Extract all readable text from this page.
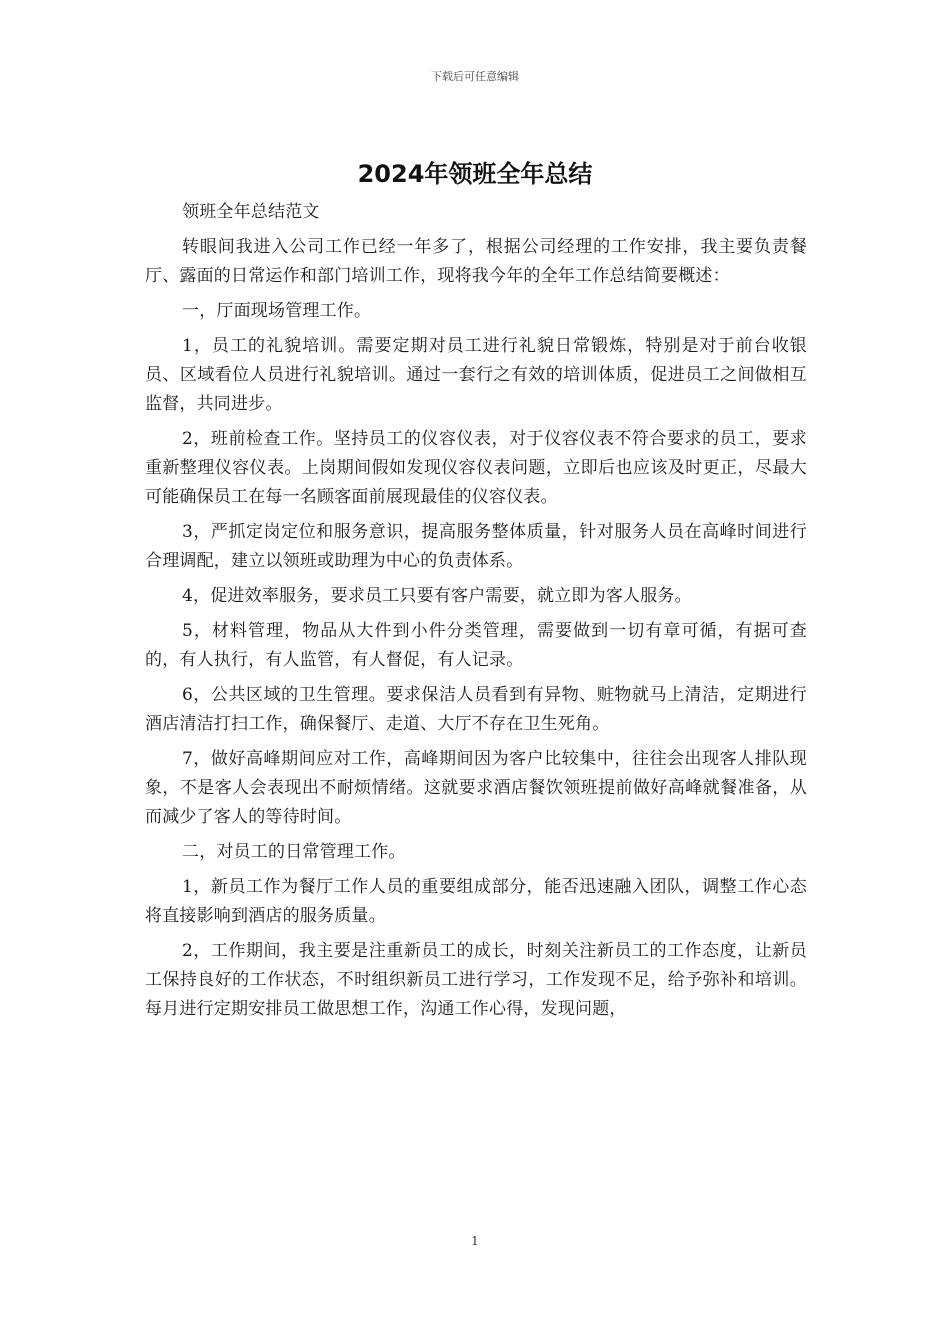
下载后可任意编辑
2024年领班全年总结

领班全年总结范文

转眼间我进入公司工作已经一年多了，根据公司经理的工作安排，我主要负责餐厅、露面的日常运作和部门培训工作，现将我今年的全年工作总结简要概述：

一，厅面现场管理工作。

1，员工的礼貌培训。需要定期对员工进行礼貌日常锻炼，特别是对于前台收银员、区域看位人员进行礼貌培训。通过一套行之有效的培训体质，促进员工之间做相互监督，共同进步。

2，班前检查工作。坚持员工的仪容仪表，对于仪容仪表不符合要求的员工，要求重新整理仪容仪表。上岗期间假如发现仪容仪表问题，立即后也应该及时更正，尽最大可能确保员工在每一名顾客面前展现最佳的仪容仪表。

3，严抓定岗定位和服务意识，提高服务整体质量，针对服务人员在高峰时间进行合理调配，建立以领班或助理为中心的负责体系。

4，促进效率服务，要求员工只要有客户需要，就立即为客人服务。

5，材料管理，物品从大件到小件分类管理，需要做到一切有章可循，有据可查的，有人执行，有人监管，有人督促，有人记录。

6，公共区域的卫生管理。要求保洁人员看到有异物、赃物就马上清洁，定期进行酒店清洁打扫工作，确保餐厅、走道、大厅不存在卫生死角。

7，做好高峰期间应对工作，高峰期间因为客户比较集中，往往会出现客人排队现象，不是客人会表现出不耐烦情绪。这就要求酒店餐饮领班提前做好高峰就餐准备，从而减少了客人的等待时间。

二，对员工的日常管理工作。

1，新员工作为餐厅工作人员的重要组成部分，能否迅速融入团队，调整工作心态将直接影响到酒店的服务质量。

2，工作期间，我主要是注重新员工的成长，时刻关注新员工的工作态度，让新员工保持良好的工作状态，不时组织新员工进行学习，工作发现不足，给予弥补和培训。每月进行定期安排员工做思想工作，沟通工作心得，发现问题，

1
